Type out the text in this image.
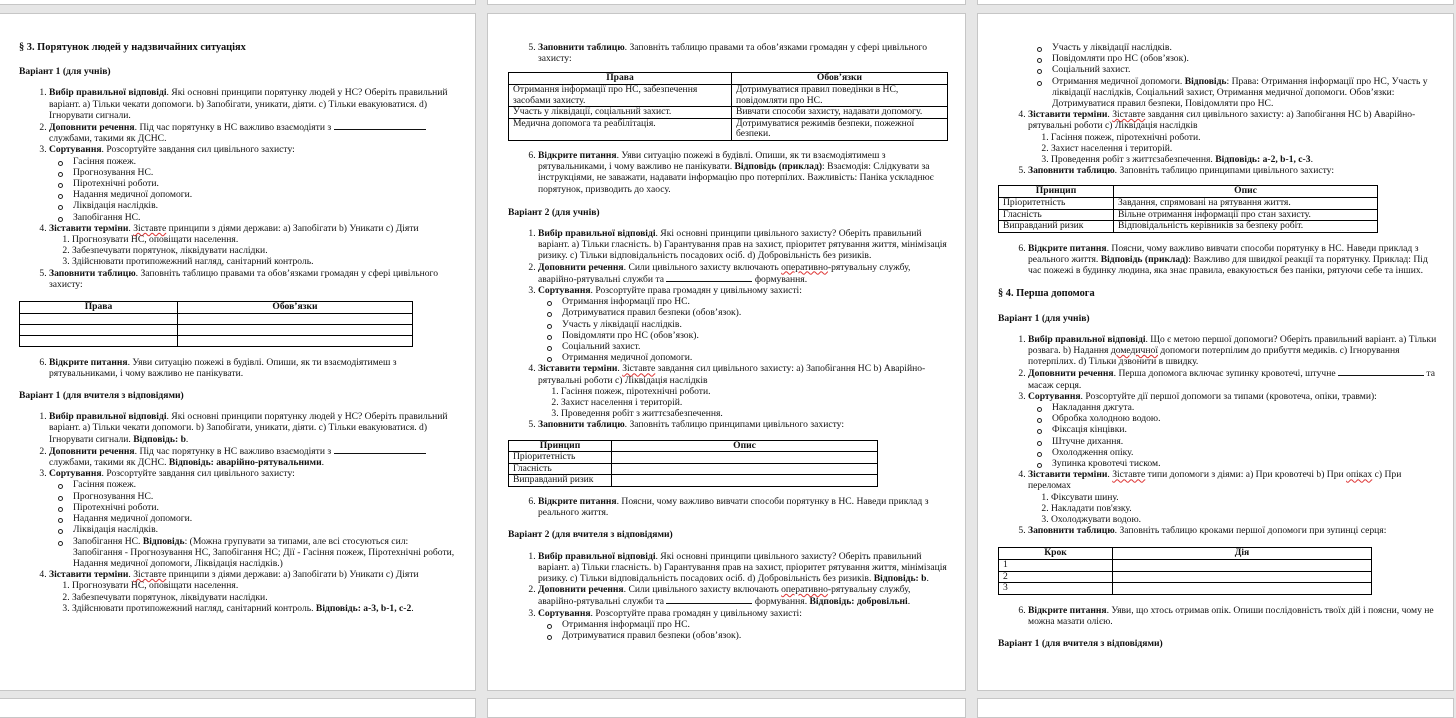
§ 3. Порятунок людей у надзвичайних ситуаціях

Варіант 1 (для учнів)

1. Вибір правильної відповіді. Які основні принципи порятунку людей у НС? Оберіть правильний варіант. a) Тільки чекати допомоги. b) Запобігати, уникати, діяти. c) Тільки евакуюватися. d) Ігнорувати сигнали.
2. Доповнити речення. Під час порятунку в НС важливо взаємодіяти з  службами, такими як ДСНС.
3. Сортування. Розсортуйте завдання сил цивільного захисту:
Гасіння пожеж.
Прогнозування НС.
Піротехнічні роботи.
Надання медичної допомоги.
Ліквідація наслідків.
Запобігання НС.
4. Зіставити терміни. Зіставте принципи з діями держави: a) Запобігати b) Уникати c) Діяти
1. Прогнозувати НС, оповіщати населення.
2. Забезпечувати порятунок, ліквідувати наслідки.
3. Здійснювати протипожежний нагляд, санітарний контроль.
5. Заповнити таблицю. Заповніть таблицю правами та обов’язками громадян у сфері цивільного захисту:
Права	Обов’язки

6. Відкрите питання. Уяви ситуацію пожежі в будівлі. Опиши, як ти взаємодіятимеш з рятувальниками, і чому важливо не панікувати.

Варіант 1 (для вчителя з відповідями)

1. Вибір правильної відповіді. Які основні принципи порятунку людей у НС? Оберіть правильний варіант. a) Тільки чекати допомоги. b) Запобігати, уникати, діяти. c) Тільки евакуюватися. d) Ігнорувати сигнали. Відповідь: b.
2. Доповнити речення. Під час порятунку в НС важливо взаємодіяти з  службами, такими як ДСНС. Відповідь: аварійно-рятувальними.
3. Сортування. Розсортуйте завдання сил цивільного захисту:
Гасіння пожеж.
Прогнозування НС.
Піротехнічні роботи.
Надання медичної допомоги.
Ліквідація наслідків.
Запобігання НС. Відповідь: (Можна групувати за типами, але всі стосуються сил: Запобігання - Прогнозування НС, Запобігання НС; Дії - Гасіння пожеж, Піротехнічні роботи, Надання медичної допомоги, Ліквідація наслідків.)
4. Зіставити терміни. Зіставте принципи з діями держави: a) Запобігати b) Уникати c) Діяти
1. Прогнозувати НС, оповіщати населення.
2. Забезпечувати порятунок, ліквідувати наслідки.
3. Здійснювати протипожежний нагляд, санітарний контроль. Відповідь: a-3, b-1, c-2.
5. Заповнити таблицю. Заповніть таблицю правами та обов’язками громадян у сфері цивільного захисту:
Права	Обов’язки
Отримання інформації про НС, забезпечення засобами захисту.	Дотримуватися правил поведінки в НС, повідомляти про НС.
Участь у ліквідації, соціальний захист.	Вивчати способи захисту, надавати допомогу.
Медична допомога та реабілітація.	Дотримуватися режимів безпеки, пожежної безпеки.
6. Відкрите питання. Уяви ситуацію пожежі в будівлі. Опиши, як ти взаємодіятимеш з рятувальниками, і чому важливо не панікувати. Відповідь (приклад): Взаємодія: Слідкувати за інструкціями, не заважати, надавати інформацію про потерпілих. Важливість: Паніка ускладнює порятунок, призводить до хаосу.

Варіант 2 (для учнів)

1. Вибір правильної відповіді. Які основні принципи цивільного захисту? Оберіть правильний варіант. a) Тільки гласність. b) Гарантування прав на захист, пріоритет рятування життя, мінімізація ризику. c) Тільки відповідальність посадових осіб. d) Добровільність без ризиків.
2. Доповнити речення. Сили цивільного захисту включають оперативно-рятувальну службу, аварійно-рятувальні служби та	формування.
3. Сортування. Розсортуйте права громадян у цивільному захисті:
Отримання інформації про НС.
Дотримуватися правил безпеки (обов’язок).
Участь у ліквідації наслідків.
Повідомляти про НС (обов’язок).
Соціальний захист.
Отримання медичної допомоги.
4. Зіставити терміни. Зіставте завдання сил цивільного захисту: a) Запобігання НС b) Аварійно-рятувальні роботи c) Ліквідація наслідків
1. Гасіння пожеж, піротехнічні роботи.
2. Захист населення і територій.
3. Проведення робіт з життєзабезпечення.
5. Заповнити таблицю. Заповніть таблицю принципами цивільного захисту:
Принцип	Опис
Пріоритетність	
Гласність	
Виправданий ризик	
6. Відкрите питання. Поясни, чому важливо вивчати способи порятунку в НС. Наведи приклад з реального життя.

Варіант 2 (для вчителя з відповідями)

1. Вибір правильної відповіді. Які основні принципи цивільного захисту? Оберіть правильний варіант. a) Тільки гласність. b) Гарантування прав на захист, пріоритет рятування життя, мінімізація ризику. c) Тільки відповідальність посадових осіб. d) Добровільність без ризиків. Відповідь: b.
2. Доповнити речення. Сили цивільного захисту включають оперативно-рятувальну службу, аварійно-рятувальні служби та	формування. Відповідь: добровільні.
3. Сортування. Розсортуйте права громадян у цивільному захисті:
Отримання інформації про НС.
Дотримуватися правил безпеки (обов’язок).
Участь у ліквідації наслідків.
Повідомляти про НС (обов’язок).
Соціальний захист.
Отримання медичної допомоги. Відповідь: Права: Отримання інформації про НС, Участь у ліквідації наслідків, Соціальний захист, Отримання медичної допомоги. Обов’язки: Дотримуватися правил безпеки, Повідомляти про НС.
4. Зіставити терміни. Зіставте завдання сил цивільного захисту: a) Запобігання НС b) Аварійно-рятувальні роботи c) Ліквідація наслідків
1. Гасіння пожеж, піротехнічні роботи.
2. Захист населення і територій.
3. Проведення робіт з життєзабезпечення. Відповідь: a-2, b-1, c-3.
5. Заповнити таблицю. Заповніть таблицю принципами цивільного захисту:
Принцип	Опис
Пріоритетність	Завдання, спрямовані на рятування життя.
Гласність	Вільне отримання інформації про стан захисту.
Виправданий ризик	Відповідальність керівників за безпеку робіт.
6. Відкрите питання. Поясни, чому важливо вивчати способи порятунку в НС. Наведи приклад з реального життя. Відповідь (приклад): Важливо для швидкої реакції та порятунку. Приклад: Під час пожежі в будинку людина, яка знає правила, евакуюється без паніки, рятуючи себе та інших.

§ 4. Перша допомога

Варіант 1 (для учнів)

1. Вибір правильної відповіді. Що є метою першої допомоги? Оберіть правильний варіант. a) Тільки розвага. b) Надання домедичної допомоги потерпілим до прибуття медиків. c) Ігнорування потерпілих. d) Тільки дзвонити в швидку.
2. Доповнити речення. Перша допомога включає зупинку кровотечі, штучне	та масаж серця.
3. Сортування. Розсортуйте дії першої допомоги за типами (кровотеча, опіки, травми):
Накладання джгута.
Обробка холодною водою.
Фіксація кінцівки.
Штучне дихання.
Охолодження опіку.
Зупинка кровотечі тиском.
4. Зіставити терміни. Зіставте типи допомоги з діями: a) При кровотечі b) При опіках c) При переломах
1. Фіксувати шину.
2. Накладати пов'язку.
3. Охолоджувати водою.
5. Заповнити таблицю. Заповніть таблицю кроками першої допомоги при зупинці серця:
Крок	Дія
1	
2	
3	
6. Відкрите питання. Уяви, що хтось отримав опік. Опиши послідовність твоїх дій і поясни, чому не можна мазати олією.

Варіант 1 (для вчителя з відповідями)
